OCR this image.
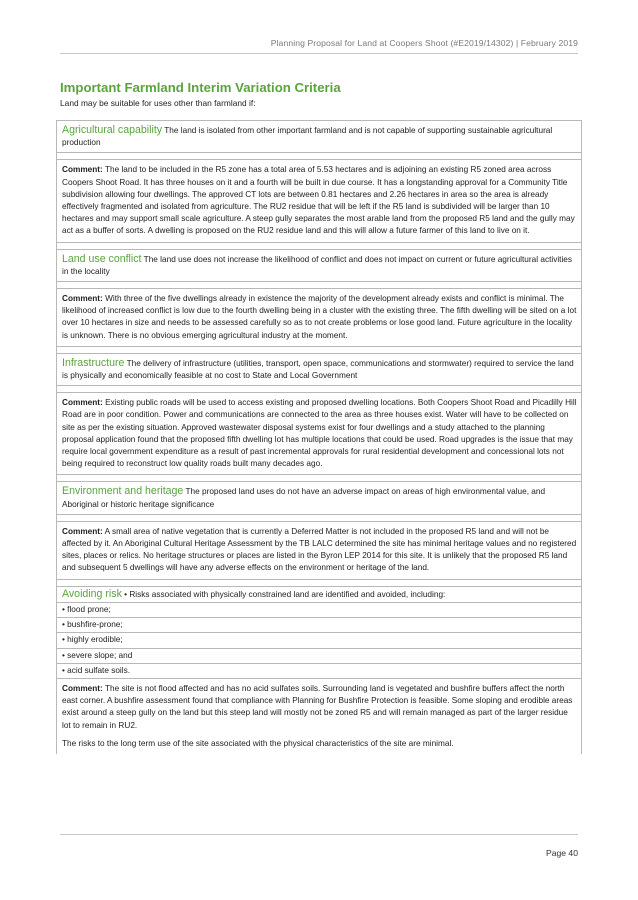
Planning Proposal for Land at Coopers Shoot (#E2019/14302) | February 2019
Important Farmland Interim Variation Criteria

Land may be suitable for uses other than farmland if:

Agricultural capability The land is isolated from other important farmland and is not capable of supporting sustainable agricultural production

Comment: The land to be included in the R5 zone has a total area of 5.53 hectares and is adjoining an existing R5 zoned area across Coopers Shoot Road. It has three houses on it and a fourth will be built in due course. It has a longstanding approval for a Community Title subdivision allowing four dwellings. The approved CT lots are between 0.81 hectares and 2.26 hectares in area so the area is already effectively fragmented and isolated from agriculture. The RU2 residue that will be left if the R5 land is subdivided will be larger than 10 hectares and may support small scale agriculture. A steep gully separates the most arable land from the proposed R5 land and the gully may act as a buffer of sorts. A dwelling is proposed on the RU2 residue land and this will allow a future farmer of this land to live on it.

Land use conflict The land use does not increase the likelihood of conflict and does not impact on current or future agricultural activities in the locality

Comment: With three of the five dwellings already in existence the majority of the development already exists and conflict is minimal. The likelihood of increased conflict is low due to the fourth dwelling being in a cluster with the existing three. The fifth dwelling will be sited on a lot over 10 hectares in size and needs to be assessed carefully so as to not create problems or lose good land. Future agriculture in the locality is unknown. There is no obvious emerging agricultural industry at the moment.

Infrastructure The delivery of infrastructure (utilities, transport, open space, communications and stormwater) required to service the land is physically and economically feasible at no cost to State and Local Government

Comment: Existing public roads will be used to access existing and proposed dwelling locations. Both Coopers Shoot Road and Picadilly Hill Road are in poor condition. Power and communications are connected to the area as three houses exist. Water will have to be collected on site as per the existing situation. Approved wastewater disposal systems exist for four dwellings and a study attached to the planning proposal application found that the proposed fifth dwelling lot has multiple locations that could be used. Road upgrades is the issue that may require local government expenditure as a result of past incremental approvals for rural residential development and concessional lots not being required to reconstruct low quality roads built many decades ago.

Environment and heritage The proposed land uses do not have an adverse impact on areas of high environmental value, and Aboriginal or historic heritage significance

Comment: A small area of native vegetation that is currently a Deferred Matter is not included in the proposed R5 land and will not be affected by it. An Aboriginal Cultural Heritage Assessment by the TB LALC determined the site has minimal heritage values and no registered sites, places or relics. No heritage structures or places are listed in the Byron LEP 2014 for this site. It is unlikely that the proposed R5 land and subsequent 5 dwellings will have any adverse effects on the environment or heritage of the land.

Avoiding risk • Risks associated with physically constrained land are identified and avoided, including:
• flood prone;
• bushfire-prone;
• highly erodible;
• severe slope; and
• acid sulfate soils.

Comment: The site is not flood affected and has no acid sulfates soils. Surrounding land is vegetated and bushfire buffers affect the north east corner. A bushfire assessment found that compliance with Planning for Bushfire Protection is feasible. Some sloping and erodible areas exist around a steep gully on the land but this steep land will mostly not be zoned R5 and will remain managed as part of the larger residue lot to remain in RU2.

The risks to the long term use of the site associated with the physical characteristics of the site are minimal.

Page 40
